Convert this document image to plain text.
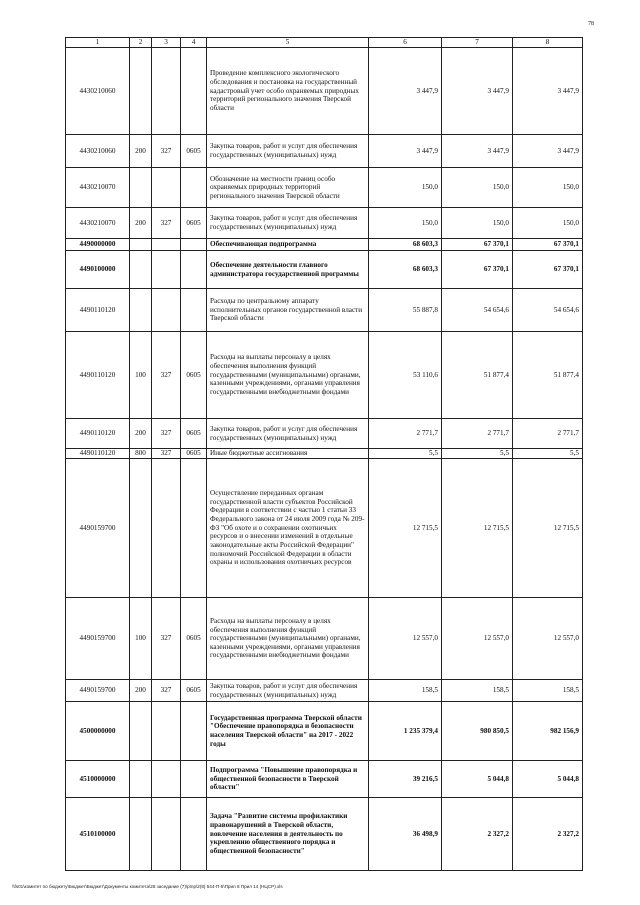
78
1	2	3	4	5	6	7	8
4430210060				Проведение комплексного экологического обследования и постановка на государственный кадастровый учет особо охраняемых природных территорий регионального значения Тверской области	3 447,9	3 447,9	3 447,9
4430210060	200	327	0605	Закупка товаров, работ и услуг для обеспечения государственных (муниципальных) нужд	3 447,9	3 447,9	3 447,9
4430210070				Обозначение на местности границ особо охраняемых природных территорий регионального значения Тверской области	150,0	150,0	150,0
4430210070	200	327	0605	Закупка товаров, работ и услуг для обеспечения государственных (муниципальных) нужд	150,0	150,0	150,0
4490000000				Обеспечивающая подпрограмма	68 603,3	67 370,1	67 370,1
4490100000				Обеспечение деятельности главного администратора государственной программы	68 603,3	67 370,1	67 370,1
4490110120				Расходы по центральному аппарату исполнительных органов государственной власти Тверской области	55 887,8	54 654,6	54 654,6
4490110120	100	327	0605	Расходы на выплаты персоналу в целях обеспечения выполнения функций государственными (муниципальными) органами, казенными учреждениями, органами управления государственными внебюджетными фондами	53 110,6	51 877,4	51 877,4
4490110120	200	327	0605	Закупка товаров, работ и услуг для обеспечения государственных (муниципальных) нужд	2 771,7	2 771,7	2 771,7
4490110120	800	327	0605	Иные бюджетные ассигнования	5,5	5,5	5,5
4490159700				Осуществление переданных органам государственной власти субъектов Российской Федерации в соответствии с частью 1 статьи 33 Федерального закона от 24 июля 2009 года № 209-ФЗ "Об охоте и о сохранении охотничьих ресурсов и о внесении изменений в отдельные законодательные акты Российской Федерации" полномочий Российской Федерации в области охраны и использования охотничьих ресурсов	12 715,5	12 715,5	12 715,5
4490159700	100	327	0605	Расходы на выплаты персоналу в целях обеспечения выполнения функций государственными (муниципальными) органами, казенными учреждениями, органами управления государственными внебюджетными фондами	12 557,0	12 557,0	12 557,0
4490159700	200	327	0605	Закупка товаров, работ и услуг для обеспечения государственных (муниципальных) нужд	158,5	158,5	158,5
4500000000				Государственная программа Тверской области "Обеспечение правопорядка и безопасности населения Тверской области" на 2017 - 2022 годы	1 235 379,4	980 850,5	982 156,9
4510000000				Подпрограмма "Повышение правопорядка и общественной безопасности в Тверской области"	39 216,5	5 044,8	5 044,8
4510100000				Задача "Развитие системы профилактики правонарушений в Тверской области, вовлечение населения в деятельность по укреплению общественного порядка и общественной безопасности"	36 498,9	2 327,2	2 327,2
\\fs01\комитет по бюджету\Бюджет\Бюджет\Документы комитета\28 заседание (7)\р\пр\2(8) 544-П-5\Прил 8 Прил 14 (НЦСР).xls
